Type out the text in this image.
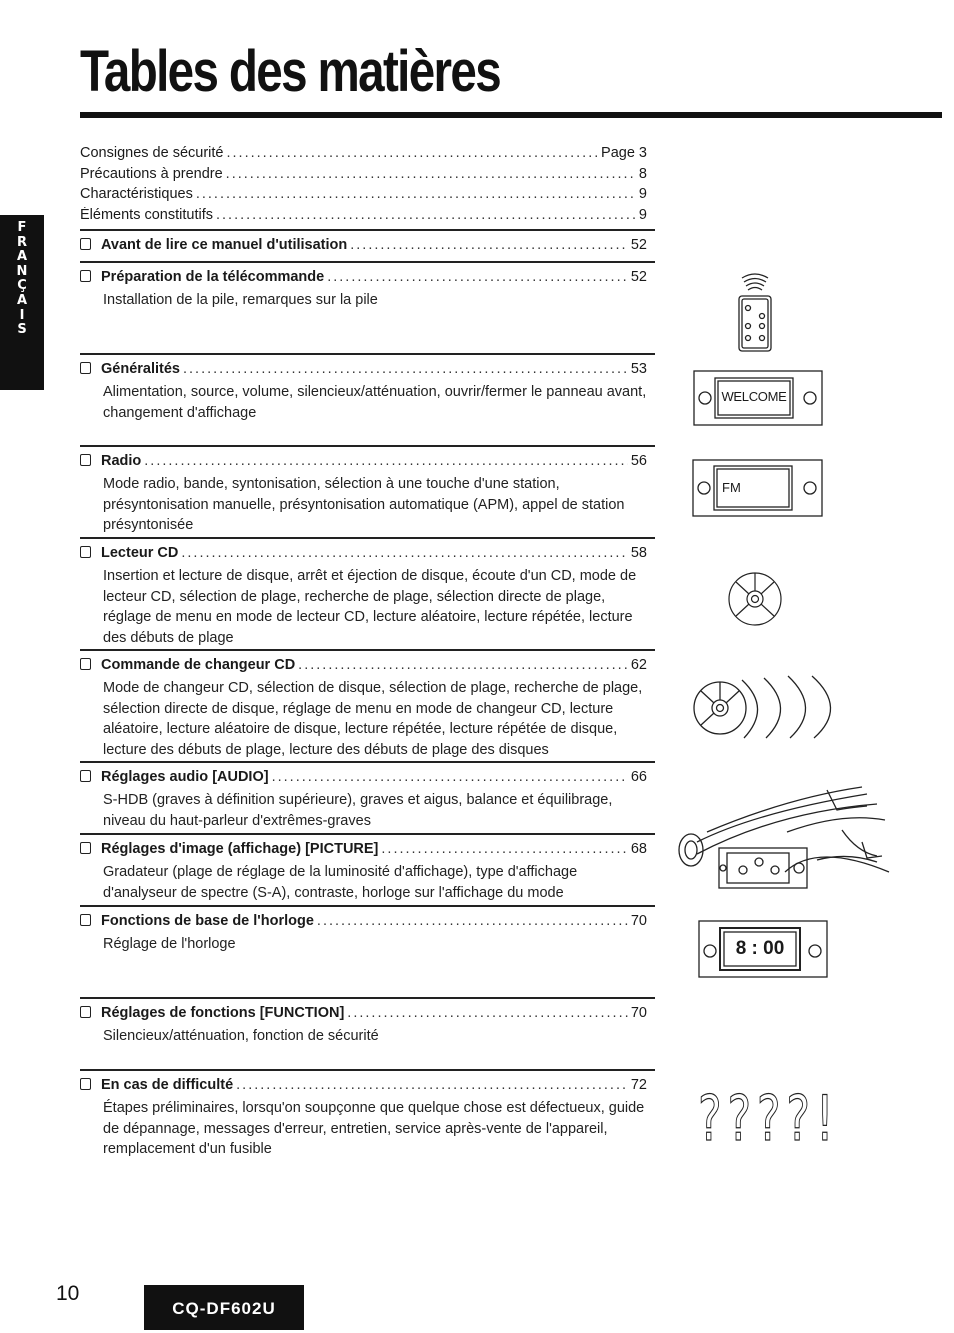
Tables des matières
F
R
A
N
Ç
A
I
S
Consignes de sécurité .....	Page 3
Précautions à prendre .....	8
Charactéristiques .....	9
Éléments constitutifs .....	9
Avant de lire ce manuel d'utilisation .....	52
Préparation de la télécommande .....	52
Installation de la pile, remarques sur la pile
Généralités .....	53
Alimentation, source, volume, silencieux/atténuation, ouvrir/fermer le panneau avant, changement d'affichage
Radio .....	56
Mode radio, bande, syntonisation, sélection à une touche d'une station, présyntonisation manuelle, présyntonisation automatique (APM), appel de station présyntonisée
Lecteur CD .....	58
Insertion et lecture de disque, arrêt et éjection de disque, écoute d'un CD, mode de lecteur CD, sélection de plage, recherche de plage, sélection directe de plage, réglage de menu en mode de lecteur CD, lecture aléatoire, lecture répétée, lecture des débuts de plage
Commande de changeur CD .....	62
Mode de changeur CD, sélection de disque, sélection de plage, recherche de plage, sélection directe de disque, réglage de menu en mode de changeur CD, lecture aléatoire, lecture aléatoire de disque, lecture répétée, lecture répétée de disque, lecture des débuts de plage, lecture des débuts de plage des disques
Réglages audio [AUDIO] .....	66
S-HDB (graves à définition supérieure), graves et aigus, balance et équilibrage, niveau du haut-parleur d'extrêmes-graves
Réglages d'image (affichage) [PICTURE] .....	68
Gradateur (plage de réglage de la luminosité d'affichage), type d'affichage d'analyseur de spectre (S-A), contraste, horloge sur l'affichage du mode
Fonctions de base de l'horloge .....	70
Réglage de l'horloge
Réglages de fonctions [FUNCTION] .....	70
Silencieux/atténuation, fonction de sécurité
En cas de difficulté .....	72
Étapes préliminaires, lorsqu'on soupçonne que quelque chose est défectueux, guide de dépannage, messages d'erreur, entretien, service après-vente de l'appareil, remplacement d'un fusible
WELCOME
FM
8 : 00
????!
10
CQ-DF602U
